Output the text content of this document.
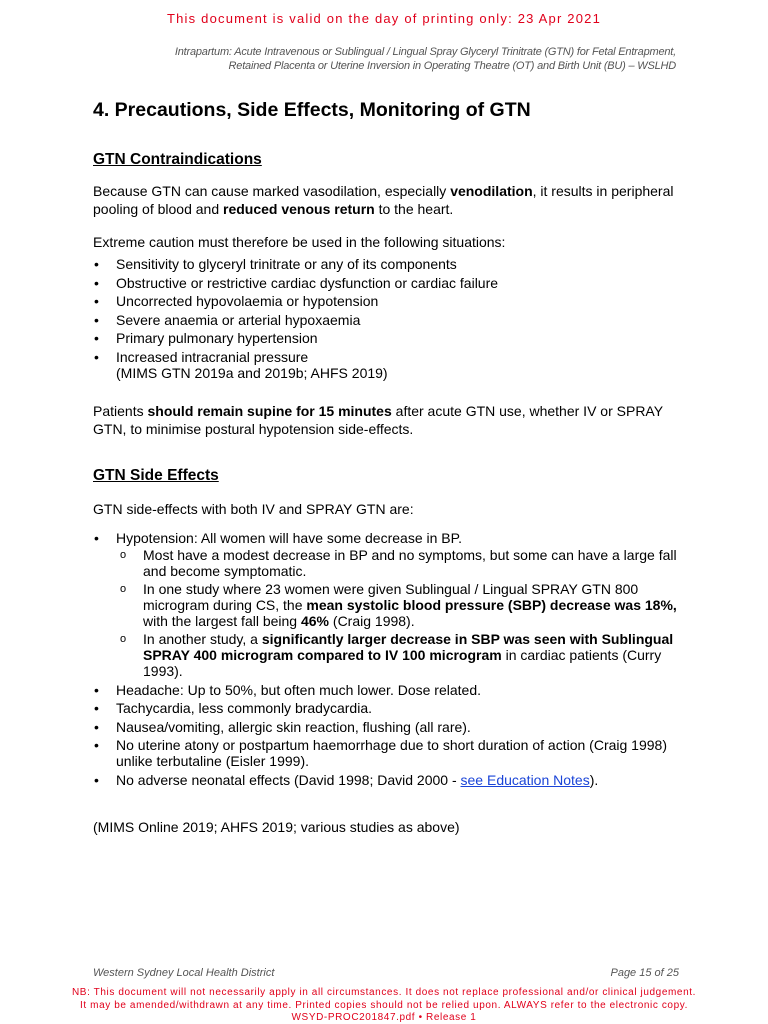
This document is valid on the day of printing only: 23 Apr 2021
Intrapartum: Acute Intravenous or Sublingual / Lingual Spray Glyceryl Trinitrate (GTN) for Fetal Entrapment,
Retained Placenta or Uterine Inversion in Operating Theatre (OT) and Birth Unit (BU) – WSLHD
4. Precautions, Side Effects, Monitoring of GTN
GTN Contraindications
Because GTN can cause marked vasodilation, especially venodilation, it results in peripheral pooling of blood and reduced venous return to the heart.
Extreme caution must therefore be used in the following situations:
• Sensitivity to glyceryl trinitrate or any of its components
• Obstructive or restrictive cardiac dysfunction or cardiac failure
• Uncorrected hypovolaemia or hypotension
• Severe anaemia or arterial hypoxaemia
• Primary pulmonary hypertension
• Increased intracranial pressure
(MIMS GTN 2019a and 2019b; AHFS 2019)
Patients should remain supine for 15 minutes after acute GTN use, whether IV or SPRAY GTN, to minimise postural hypotension side-effects.
GTN Side Effects
GTN side-effects with both IV and SPRAY GTN are:
• Hypotension: All women will have some decrease in BP.
o Most have a modest decrease in BP and no symptoms, but some can have a large fall and become symptomatic.
o In one study where 23 women were given Sublingual / Lingual SPRAY GTN 800 microgram during CS, the mean systolic blood pressure (SBP) decrease was 18%, with the largest fall being 46% (Craig 1998).
o In another study, a significantly larger decrease in SBP was seen with Sublingual SPRAY 400 microgram compared to IV 100 microgram in cardiac patients (Curry 1993).
• Headache: Up to 50%, but often much lower. Dose related.
• Tachycardia, less commonly bradycardia.
• Nausea/vomiting, allergic skin reaction, flushing (all rare).
• No uterine atony or postpartum haemorrhage due to short duration of action (Craig 1998) unlike terbutaline (Eisler 1999).
• No adverse neonatal effects (David 1998; David 2000 - see Education Notes).
(MIMS Online 2019; AHFS 2019; various studies as above)
Western Sydney Local Health District	Page 15 of 25
NB: This document will not necessarily apply in all circumstances. It does not replace professional and/or clinical judgement.
It may be amended/withdrawn at any time. Printed copies should not be relied upon. ALWAYS refer to the electronic copy.
WSYD-PROC201847.pdf • Release 1
